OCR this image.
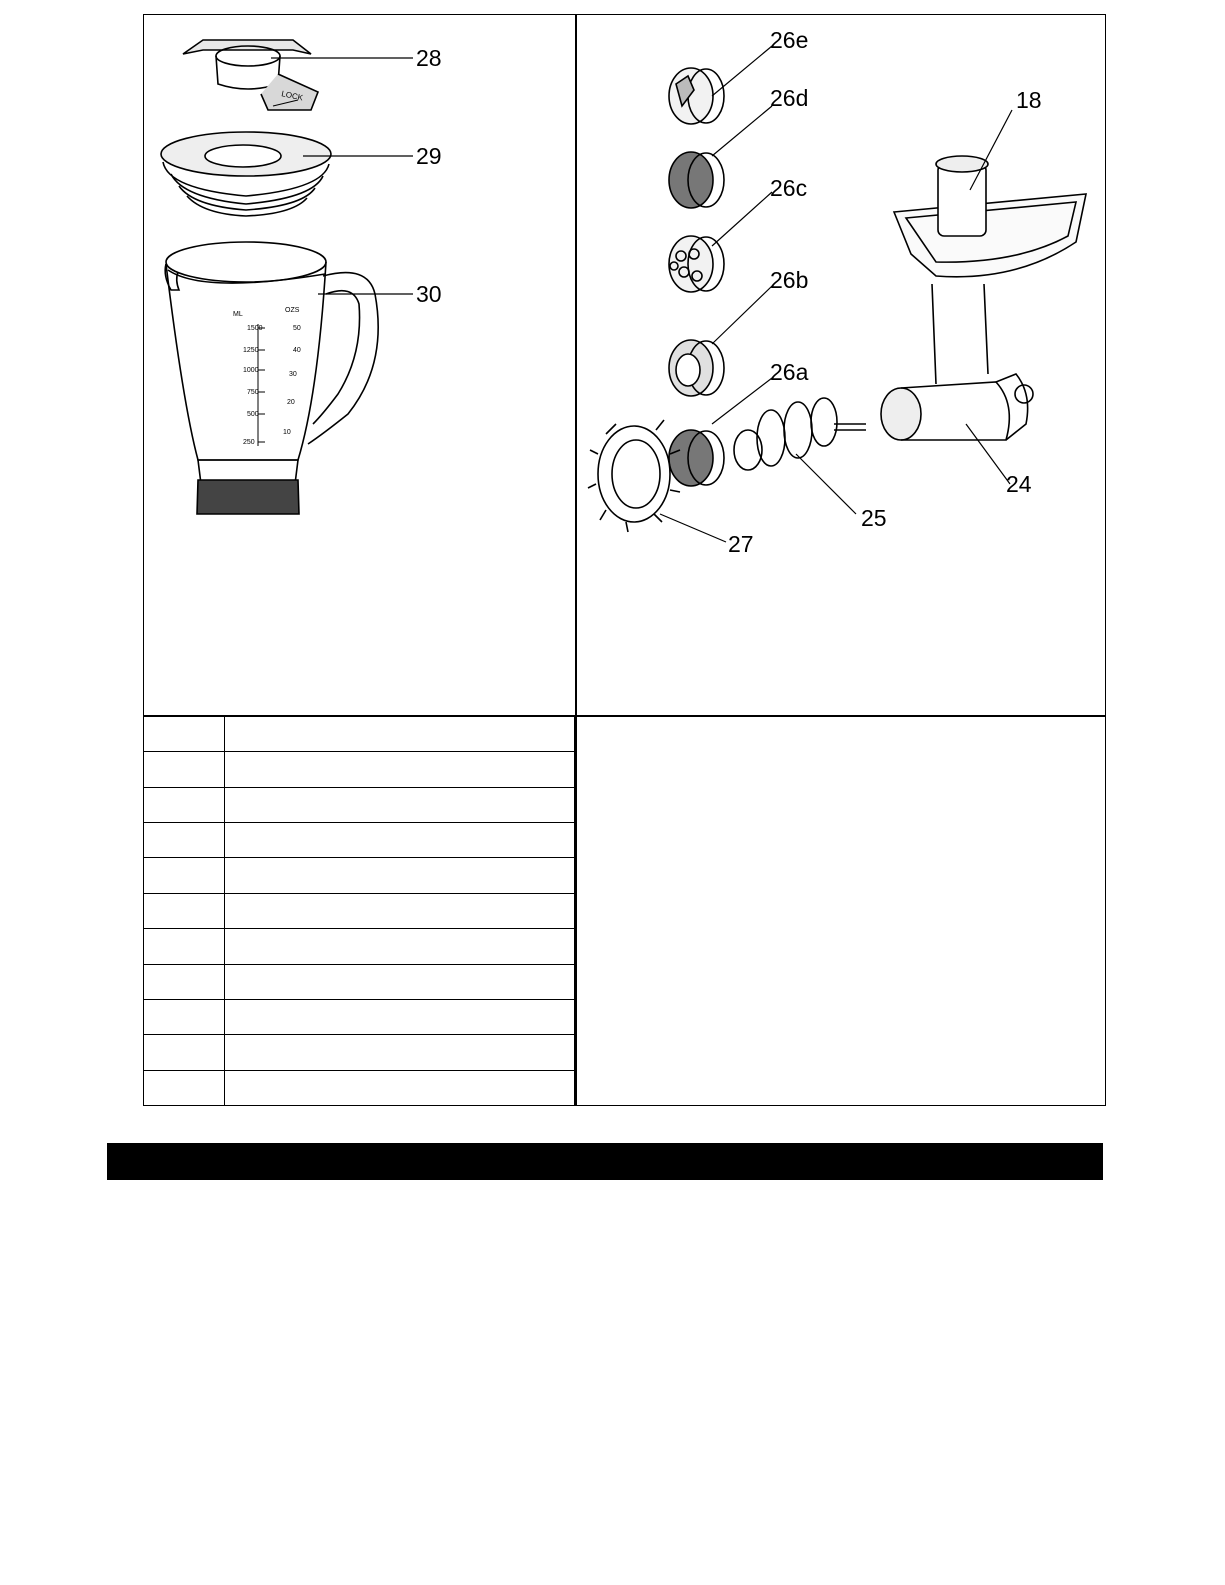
LOCK
ML
OZS
1500
1250
1000
750
500
250
50
40
30
20
10
28
29
30
26e
26d
26c
26b
26a
18
24
25
27
